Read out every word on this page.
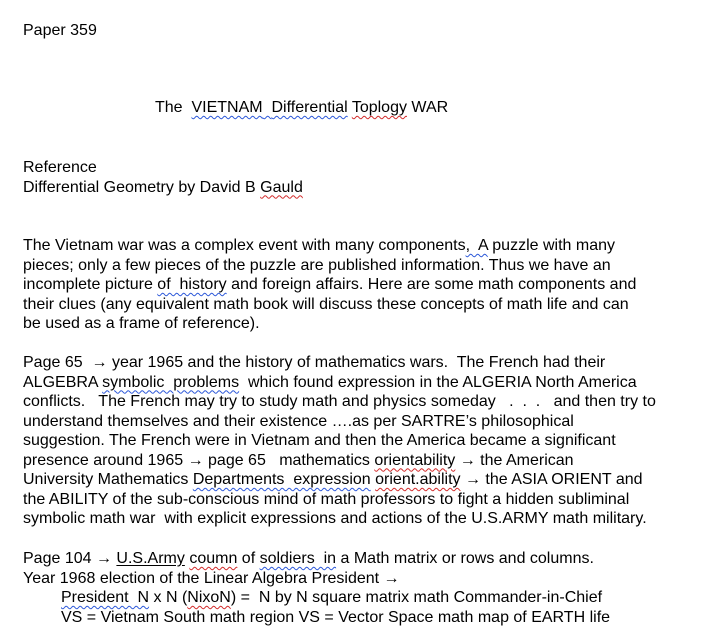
Paper 359
The  VIETNAM Differential Toplogy WAR
Reference
Differential Geometry by David B Gauld
The Vietnam war was a complex event with many components,  A puzzle with many
pieces; only a few pieces of the puzzle are published information. Thus we have an
incomplete picture of  history and foreign affairs. Here are some math components and
their clues (any equivalent math book will discuss these concepts of math life and can
be used as a frame of reference).
Page 65  → year 1965 and the history of mathematics wars.  The French had their
ALGEBRA symbolic  problems  which found expression in the ALGERIA North America
conflicts.   The French may try to study math and physics someday   .  .  .   and then try to
understand themselves and their existence ….as per SARTRE’s philosophical
suggestion. The French were in Vietnam and then the America became a significant
presence around 1965 → page 65   mathematics orientability → the American
University Mathematics Departments  expression orient.ability → the ASIA ORIENT and
the ABILITY of the sub-conscious mind of math professors to fight a hidden subliminal
symbolic math war  with explicit expressions and actions of the U.S.ARMY math military.
Page 104 → U.S.Army coumn of soldiers  in a Math matrix or rows and columns.
Year 1968 election of the Linear Algebra President →
President  N x N (NixoN) =  N by N square matrix math Commander-in-Chief
VS = Vietnam South math region VS = Vector Space math map of EARTH life
